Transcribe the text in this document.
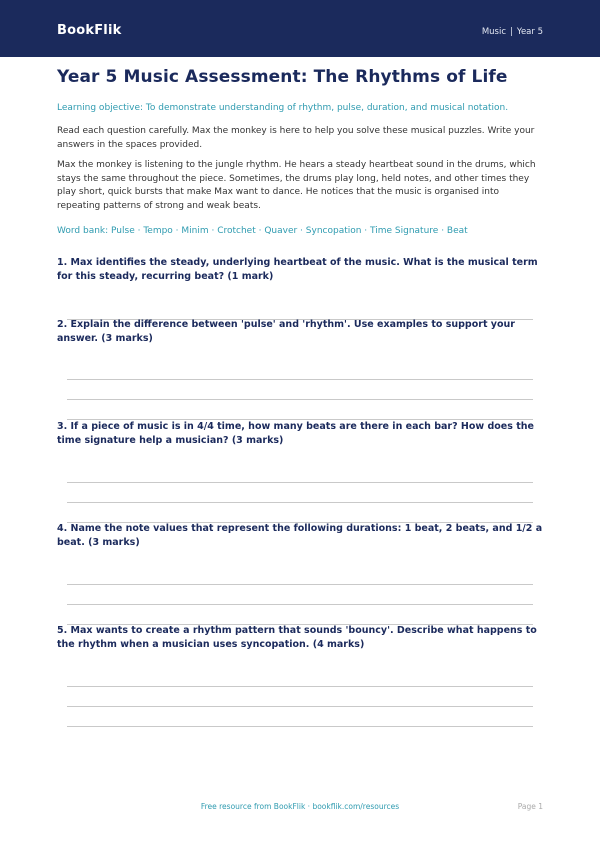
BookFlik	Music | Year 5
Year 5 Music Assessment: The Rhythms of Life
Learning objective: To demonstrate understanding of rhythm, pulse, duration, and musical notation.

Read each question carefully. Max the monkey is here to help you solve these musical puzzles. Write your answers in the spaces provided.

Max the monkey is listening to the jungle rhythm. He hears a steady heartbeat sound in the drums, which stays the same throughout the piece. Sometimes, the drums play long, held notes, and other times they play short, quick bursts that make Max want to dance. He notices that the music is organised into repeating patterns of strong and weak beats.

Word bank: Pulse · Tempo · Minim · Crotchet · Quaver · Syncopation · Time Signature · Beat
1. Max identifies the steady, underlying heartbeat of the music. What is the musical term for this steady, recurring beat? (1 mark)
2. Explain the difference between 'pulse' and 'rhythm'. Use examples to support your answer. (3 marks)
3. If a piece of music is in 4/4 time, how many beats are there in each bar? How does the time signature help a musician? (3 marks)
4. Name the note values that represent the following durations: 1 beat, 2 beats, and 1/2 a beat. (3 marks)
5. Max wants to create a rhythm pattern that sounds 'bouncy'. Describe what happens to the rhythm when a musician uses syncopation. (4 marks)
Free resource from BookFlik · bookflik.com/resources	Page 1
